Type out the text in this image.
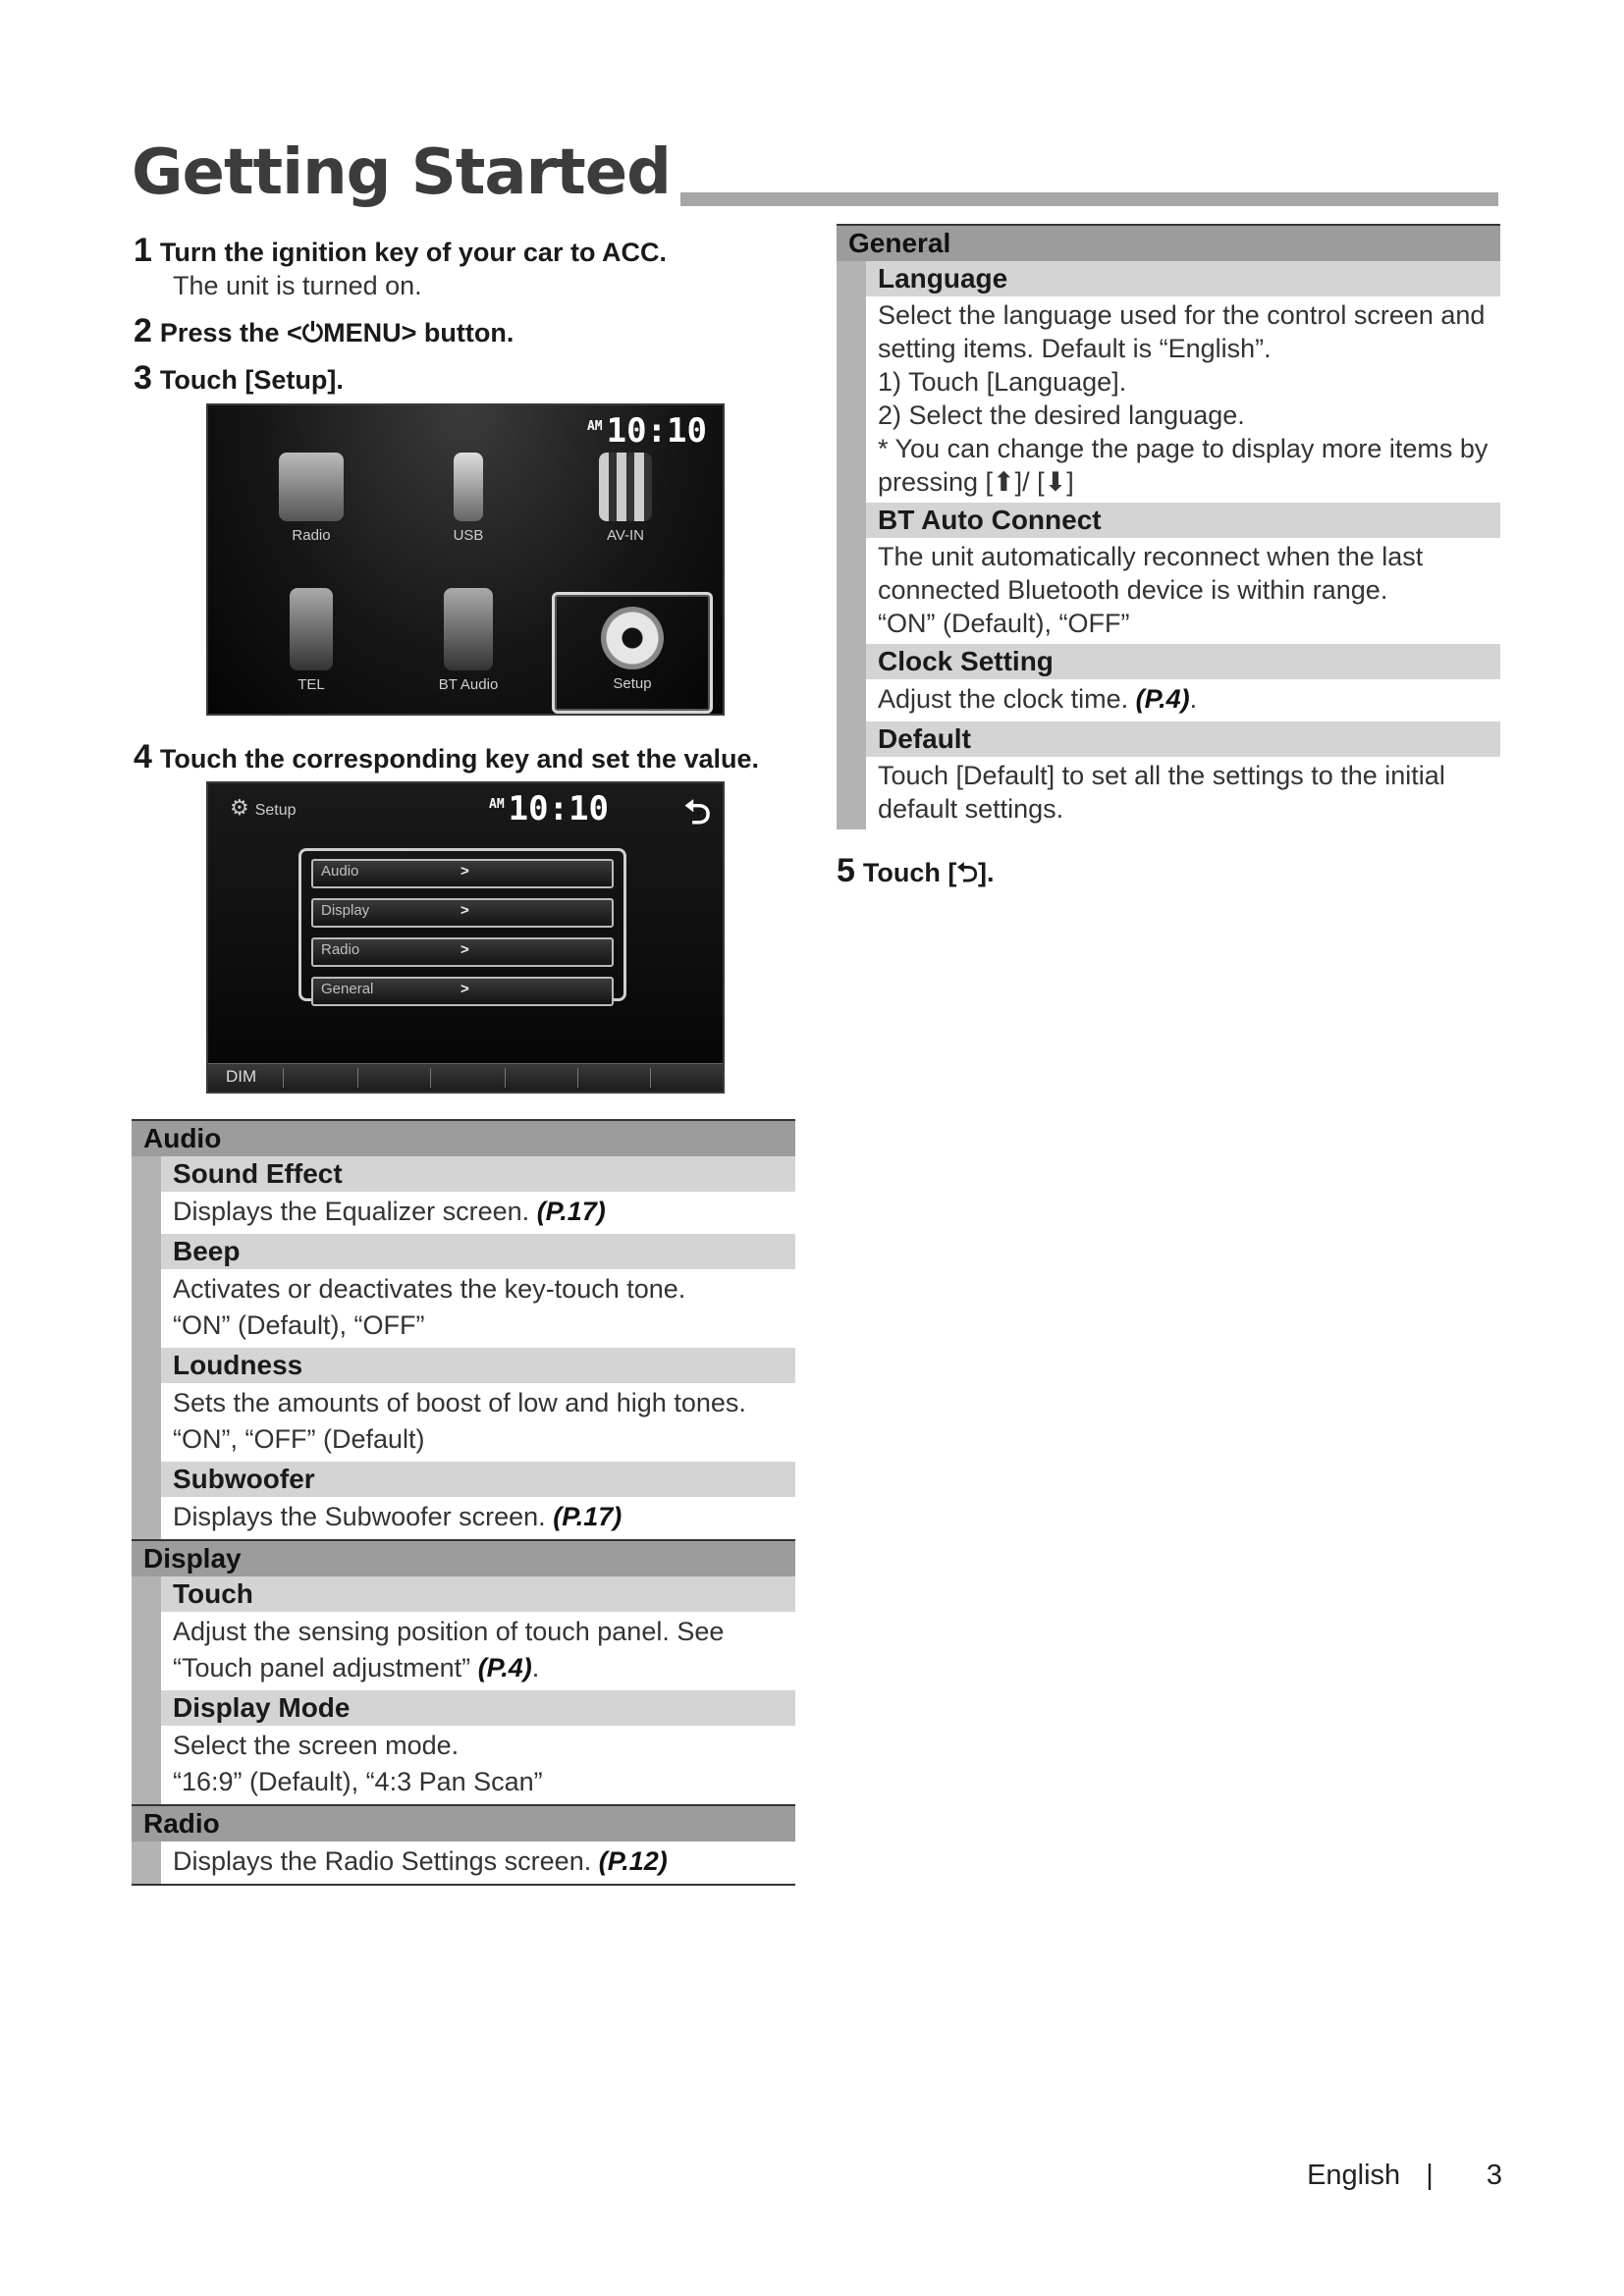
Getting Started
1 Turn the ignition key of your car to ACC.
The unit is turned on.
2 Press the <⏻MENU> button.
3 Touch [Setup].
$^{AM}$ 10:10
Radio	USB	AV-IN
TEL	BT Audio	Setup
4 Touch the corresponding key and set the value.
⚙ Setup	$^{AM}$ 10:10 ⮌
Audio	>
Display	>
Radio	>
General	>
DIM
Audio
Sound Effect
Displays the Equalizer screen. (P.17)
Beep
Activates or deactivates the key-touch tone.
“ON” (Default), “OFF”
Loudness
Sets the amounts of boost of low and high tones.
“ON”, “OFF” (Default)
Subwoofer
Displays the Subwoofer screen. (P.17)
Display
Touch
Adjust the sensing position of touch panel. See
“Touch panel adjustment” (P.4).
Display Mode
Select the screen mode.
“16:9” (Default), “4:3 Pan Scan”
Radio
Displays the Radio Settings screen. (P.12)
General
Language
Select the language used for the control screen and setting items. Default is “English”.
1) Touch [Language].
2) Select the desired language.
* You can change the page to display more items by pressing [⬆]/ [⬇]
BT Auto Connect
The unit automatically reconnect when the last connected Bluetooth device is within range.
“ON” (Default), “OFF”
Clock Setting
Adjust the clock time. (P.4).
Default
Touch [Default] to set all the settings to the initial default settings.
5 Touch [⮌].
English | 3
